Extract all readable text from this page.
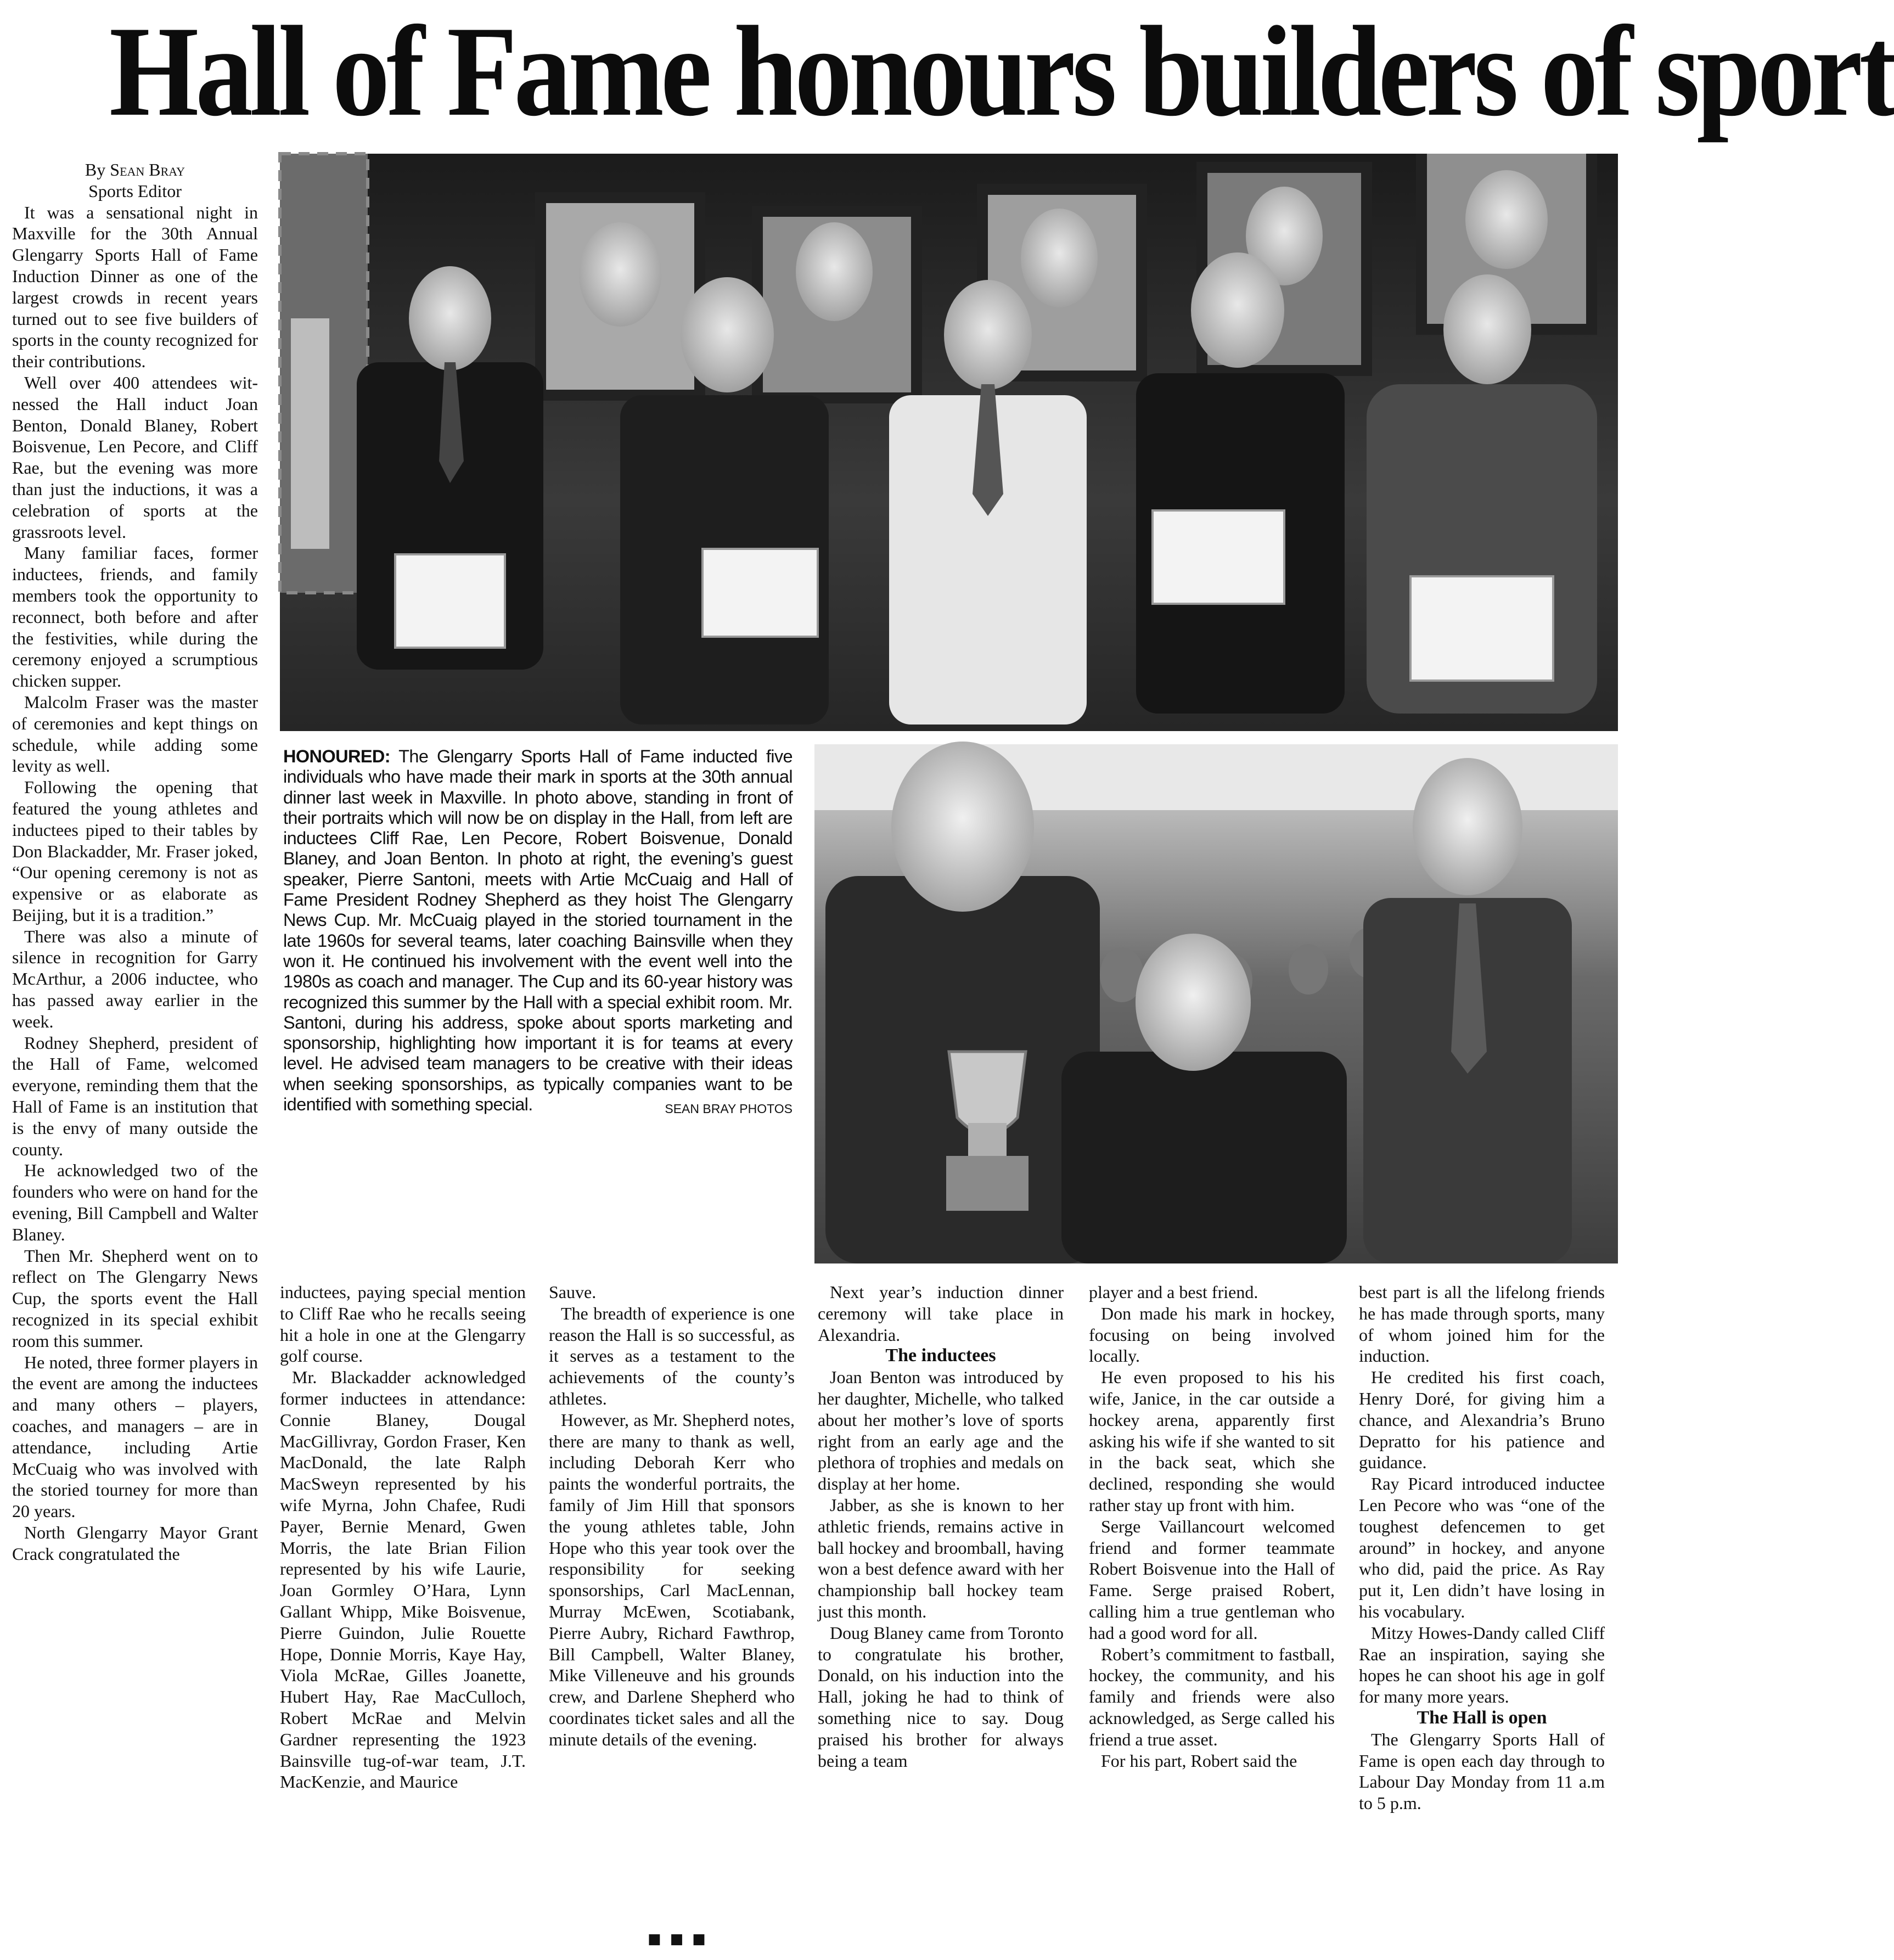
Hall of Fame honours builders of sport
By Sean Bray
Sports Editor

It was a sensational night in Maxville for the 30th Annual Glengarry Sports Hall of Fame Induction Dinner as one of the largest crowds in recent years turned out to see five builders of sports in the county recognized for their contributions.

Well over 400 attendees witnessed the Hall induct Joan Benton, Donald Blaney, Robert Boisvenue, Len Pecore, and Cliff Rae, but the evening was more than just the inductions, it was a celebration of sports at the grassroots level.

Many familiar faces, former inductees, friends, and family members took the opportunity to reconnect, both before and after the festivities, while during the ceremony enjoyed a scrumptious chicken supper.

Malcolm Fraser was the master of ceremonies and kept things on schedule, while adding some levity as well.

Following the opening that featured the young athletes and inductees piped to their tables by Don Blackadder, Mr. Fraser joked, “Our opening ceremony is not as expensive or as elaborate as Beijing, but it is a tradition.”

There was also a minute of silence in recognition for Garry McArthur, a 2006 inductee, who has passed away earlier in the week.

Rodney Shepherd, president of the Hall of Fame, welcomed everyone, reminding them that the Hall of Fame is an institution that is the envy of many outside the county.

He acknowledged two of the founders who were on hand for the evening, Bill Campbell and Walter Blaney.

Then Mr. Shepherd went on to reflect on The Glengarry News Cup, the sports event the Hall recognized in its special exhibit room this summer.

He noted, three former players in the event are among the inductees and many others – players, coaches, and managers – are in attendance, including Artie McCuaig who was involved with the storied tourney for more than 20 years.

North Glengarry Mayor Grant Crack congratulated the

HONOURED: The Glengarry Sports Hall of Fame inducted five individuals who have made their mark in sports at the 30th annual dinner last week in Maxville. In photo above, standing in front of their portraits which will now be on display in the Hall, from left are inductees Cliff Rae, Len Pecore, Robert Boisvenue, Donald Blaney, and Joan Benton. In photo at right, the evening’s guest speaker, Pierre Santoni, meets with Artie McCuaig and Hall of Fame President Rodney Shepherd as they hoist The Glengarry News Cup. Mr. McCuaig played in the storied tournament in the late 1960s for several teams, later coaching Bainsville when they won it. He continued his involvement with the event well into the 1980s as coach and manager. The Cup and its 60-year history was recognized this summer by the Hall with a special exhibit room. Mr. Santoni, during his address, spoke about sports marketing and sponsorship, highlighting how important it is for teams at every level. He advised team managers to be creative with their ideas when seeking sponsorships, as typically companies want to be identified with something special.	SEAN BRAY PHOTOS

inductees, paying special mention to Cliff Rae who he recalls seeing hit a hole in one at the Glengarry golf course.

Mr. Blackadder acknowledged former inductees in attendance: Connie Blaney, Dougal MacGillivray, Gordon Fraser, Ken MacDonald, the late Ralph MacSweyn represented by his wife Myrna, John Chafee, Rudi Payer, Bernie Menard, Gwen Morris, the late Brian Filion represented by his wife Laurie, Joan Gormley O’Hara, Lynn Gallant Whipp, Mike Boisvenue, Pierre Guindon, Julie Rouette Hope, Donnie Morris, Kaye Hay, Viola McRae, Gilles Joanette, Hubert Hay, Rae MacCulloch, Robert McRae and Melvin Gardner representing the 1923 Bainsville tug-of-war team, J.T. MacKenzie, and Maurice

Sauve.

The breadth of experience is one reason the Hall is so successful, as it serves as a testament to the achievements of the county’s athletes.

However, as Mr. Shepherd notes, there are many to thank as well, including Deborah Kerr who paints the wonderful portraits, the family of Jim Hill that sponsors the young athletes table, John Hope who this year took over the responsibility for seeking sponsorships, Carl MacLennan, Murray McEwen, Scotiabank, Pierre Aubry, Richard Fawthrop, Bill Campbell, Walter Blaney, Mike Villeneuve and his grounds crew, and Darlene Shepherd who coordinates ticket sales and all the minute details of the evening.

Next year’s induction dinner ceremony will take place in Alexandria.

The inductees

Joan Benton was introduced by her daughter, Michelle, who talked about her mother’s love of sports right from an early age and the plethora of trophies and medals on display at her home.

Jabber, as she is known to her athletic friends, remains active in ball hockey and broomball, having won a best defence award with her championship ball hockey team just this month.

Doug Blaney came from Toronto to congratulate his brother, Donald, on his induction into the Hall, joking he had to think of something nice to say. Doug praised his brother for always being a team

player and a best friend.

Don made his mark in hockey, focusing on being involved locally.

He even proposed to his his wife, Janice, in the car outside a hockey arena, apparently first asking his wife if she wanted to sit in the back seat, which she declined, responding she would rather stay up front with him.

Serge Vaillancourt welcomed friend and former teammate Robert Boisvenue into the Hall of Fame. Serge praised Robert, calling him a true gentleman who had a good word for all.

Robert’s commitment to fastball, hockey, the community, and his family and friends were also acknowledged, as Serge called his friend a true asset.

For his part, Robert said the

best part is all the lifelong friends he has made through sports, many of whom joined him for the induction.

He credited his first coach, Henry Doré, for giving him a chance, and Alexandria’s Bruno Depratto for his patience and guidance.

Ray Picard introduced inductee Len Pecore who was “one of the toughest defencemen to get around” in hockey, and anyone who did, paid the price. As Ray put it, Len didn’t have losing in his vocabulary.

Mitzy Howes-Dandy called Cliff Rae an inspiration, saying she hopes he can shoot his age in golf for many more years.

The Hall is open

The Glengarry Sports Hall of Fame is open each day through to Labour Day Monday from 11 a.m to 5 p.m.

■■■
